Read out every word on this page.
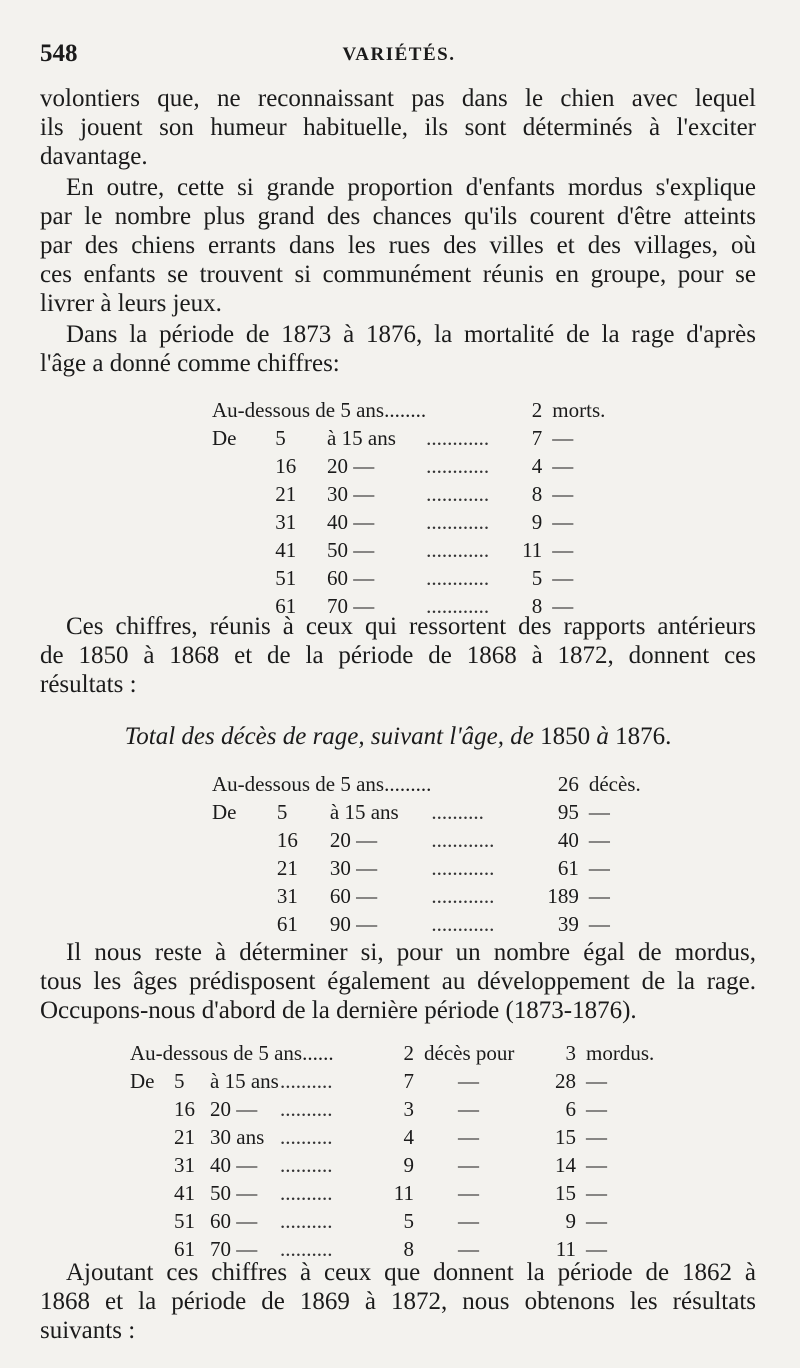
548	VARIÉTÉS.

volontiers que, ne reconnaissant pas dans le chien avec lequel
ils jouent son humeur habituelle, ils sont déterminés à l'exciter
davantage.

En outre, cette si grande proportion d'enfants mordus s'explique
par le nombre plus grand des chances qu'ils courent d'être atteints
par des chiens errants dans les rues des villes et des villages, où
ces enfants se trouvent si communément réunis en groupe, pour se
livrer à leurs jeux.

Dans la période de 1873 à 1876, la mortalité de la rage d'après
l'âge a donné comme chiffres:

Au-dessous de 5 ans........				2	morts.
De	5	à 15 ans	............	7	—
	16	20 —	............	4	—
	21	30 —	............	8	—
	31	40 —	............	9	—
	41	50 —	............	11	—
	51	60 —	............	5	—
	61	70 —	............	8	—

Ces chiffres, réunis à ceux qui ressortent des rapports antérieurs
de 1850 à 1868 et de la période de 1868 à 1872, donnent ces
résultats :

Total des décès de rage, suivant l'âge, de 1850 à 1876.
Au-dessous de 5 ans.........				26	décès.
De	5	à 15 ans	..........	95	—
	16	20 —	............	40	—
	21	30 —	............	61	—
	31	60 —	............	189	—
	61	90 —	............	39	—

Il nous reste à déterminer si, pour un nombre égal de mordus,
tous les âges prédisposent également au développement de la rage.
Occupons-nous d'abord de la dernière période (1873-1876).

Au-dessous de 5 ans......				2	décès pour	3	mordus.
De	5	à 15 ans	..........	7	—	28	—
	16	20 —	..........	3	—	6	—
	21	30 ans	..........	4	—	15	—
	31	40 —	..........	9	—	14	—
	41	50 —	..........	11	—	15	—
	51	60 —	..........	5	—	9	—
	61	70 —	..........	8	—	11	—

Ajoutant ces chiffres à ceux que donnent la période de 1862 à
1868 et la période de 1869 à 1872, nous obtenons les résultats
suivants :
